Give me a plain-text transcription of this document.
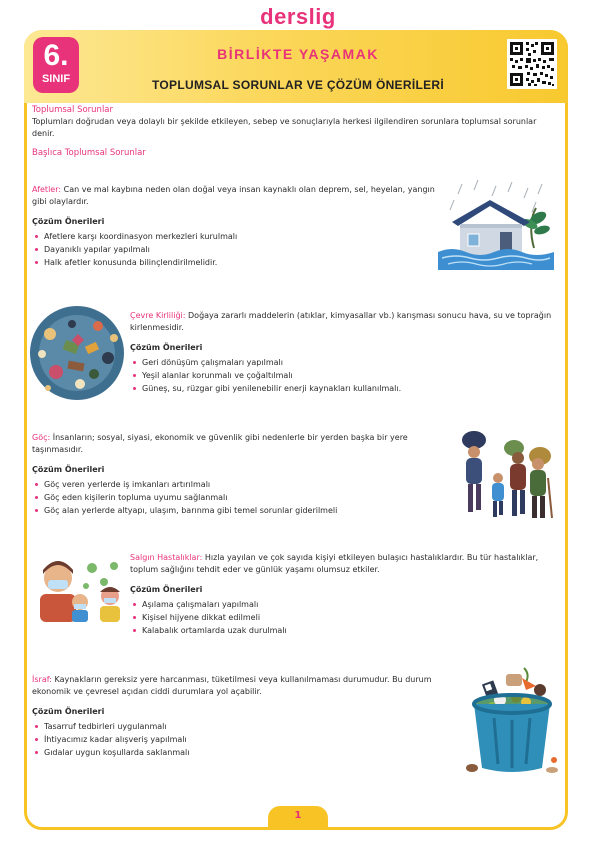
derslig
6.
SINIF
BİRLİKTE YAŞAMAK
TOPLUMSAL SORUNLAR VE ÇÖZÜM ÖNERİLERİ
Toplumsal Sorunlar
Toplumları doğrudan veya dolaylı bir şekilde etkileyen, sebep ve sonuçlarıyla herkesi ilgilendiren sorunlara toplumsal sorunlar denir.
Başlıca Toplumsal Sorunlar
Afetler: Can ve mal kaybına neden olan doğal veya insan kaynaklı olan deprem, sel, heyelan, yangın gibi olaylardır.
Çözüm Önerileri
Afetlere karşı koordinasyon merkezleri kurulmalı
Dayanıklı yapılar yapılmalı
Halk afetler konusunda bilinçlendirilmelidir.
Çevre Kirliliği: Doğaya zararlı maddelerin (atıklar, kimyasallar vb.) karışması sonucu hava, su ve toprağın kirlenmesidir.
Çözüm Önerileri
Geri dönüşüm çalışmaları yapılmalı
Yeşil alanlar korunmalı ve çoğaltılmalı
Güneş, su, rüzgar gibi yenilenebilir enerji kaynakları kullanılmalı.
Göç: İnsanların; sosyal, siyasi, ekonomik ve güvenlik gibi nedenlerle bir yerden başka bir yere taşınmasıdır.
Çözüm Önerileri
Göç veren yerlerde iş imkanları artırılmalı
Göç eden kişilerin topluma uyumu sağlanmalı
Göç alan yerlerde altyapı, ulaşım, barınma gibi temel sorunlar giderilmeli
Salgın Hastalıklar: Hızla yayılan ve çok sayıda kişiyi etkileyen bulaşıcı hastalıklardır. Bu tür hastalıklar, toplum sağlığını tehdit eder ve günlük yaşamı olumsuz etkiler.
Çözüm Önerileri
Aşılama çalışmaları yapılmalı
Kişisel hijyene dikkat edilmeli
Kalabalık ortamlarda uzak durulmalı
İsraf: Kaynakların gereksiz yere harcanması, tüketilmesi veya kullanılmaması durumudur. Bu durum ekonomik ve çevresel açıdan ciddi durumlara yol açabilir.
Çözüm Önerileri
Tasarruf tedbirleri uygulanmalı
İhtiyacımız kadar alışveriş yapılmalı
Gıdalar uygun koşullarda saklanmalı
1
